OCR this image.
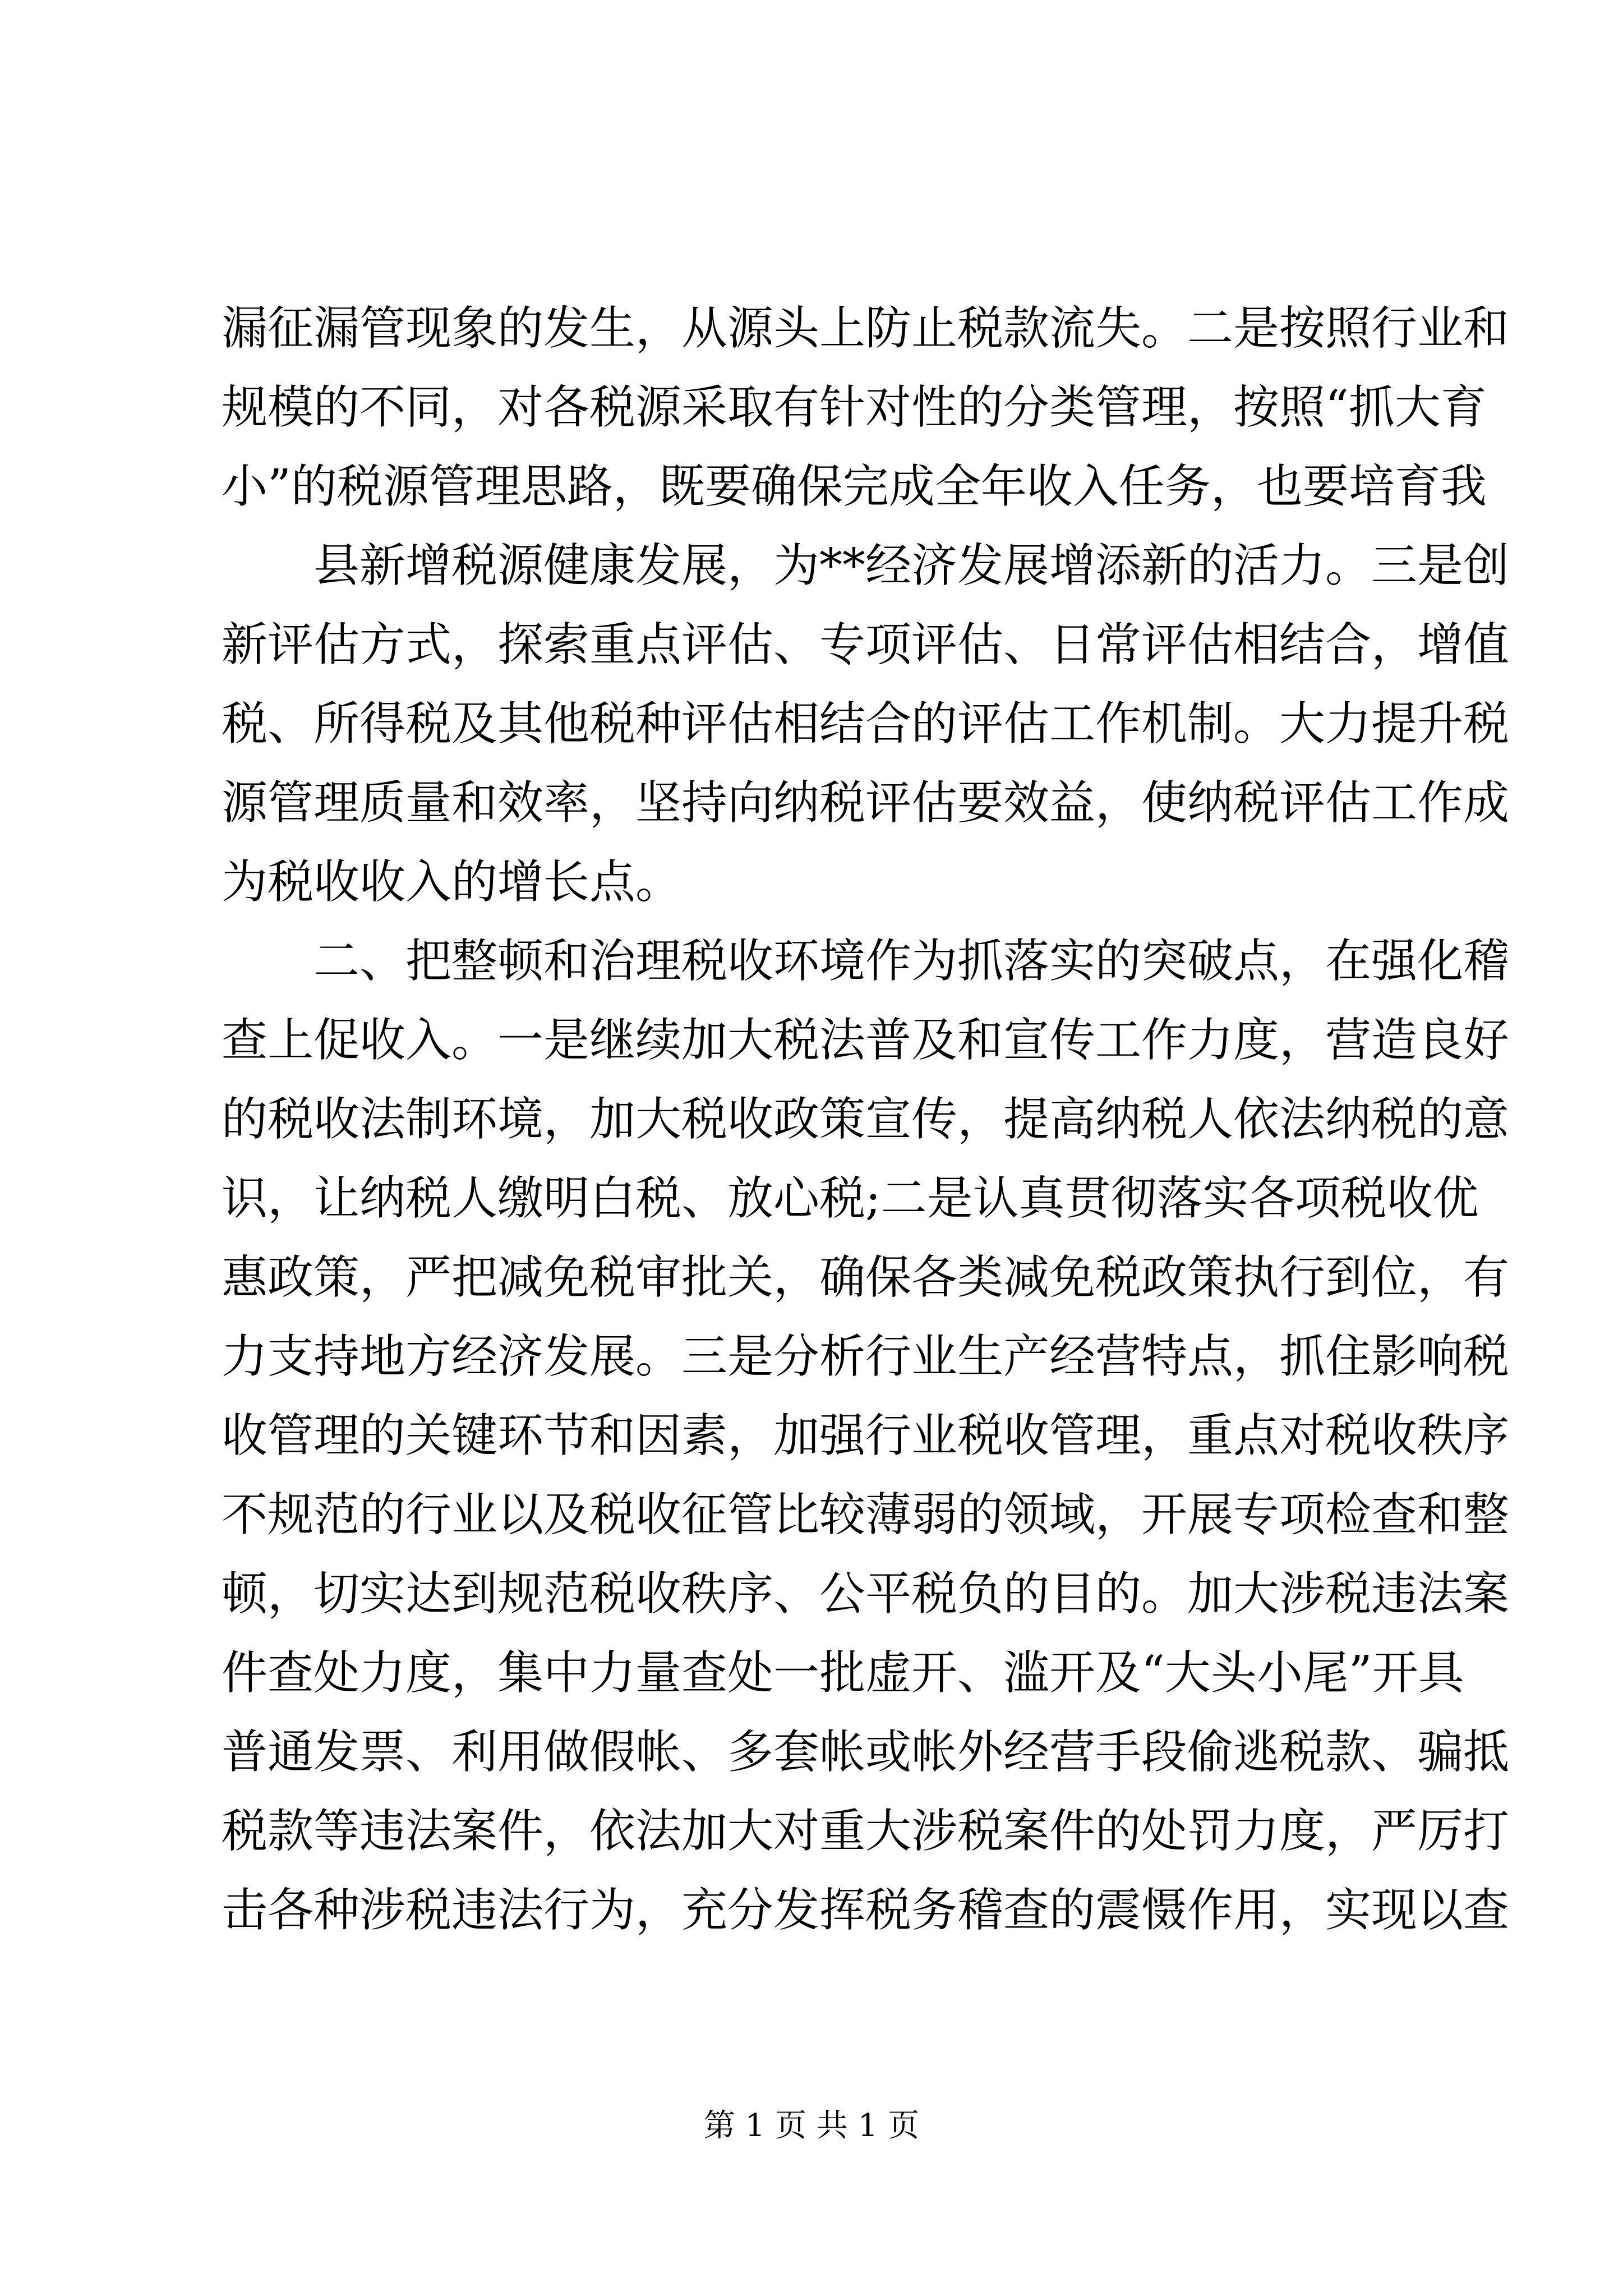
漏征漏管现象的发生，从源头上防止税款流失。二是按照行业和
规模的不同，对各税源采取有针对性的分类管理，按照“抓大育
小”的税源管理思路，既要确保完成全年收入任务，也要培育我
县新增税源健康发展，为**经济发展增添新的活力。三是创
新评估方式，探索重点评估、专项评估、日常评估相结合，增值
税、所得税及其他税种评估相结合的评估工作机制。大力提升税
源管理质量和效率，坚持向纳税评估要效益，使纳税评估工作成
为税收收入的增长点。
二、把整顿和治理税收环境作为抓落实的突破点，在强化稽
查上促收入。一是继续加大税法普及和宣传工作力度，营造良好
的税收法制环境，加大税收政策宣传，提高纳税人依法纳税的意
识，让纳税人缴明白税、放心税;二是认真贯彻落实各项税收优
惠政策，严把减免税审批关，确保各类减免税政策执行到位，有
力支持地方经济发展。三是分析行业生产经营特点，抓住影响税
收管理的关键环节和因素，加强行业税收管理，重点对税收秩序
不规范的行业以及税收征管比较薄弱的领域，开展专项检查和整
顿，切实达到规范税收秩序、公平税负的目的。加大涉税违法案
件查处力度，集中力量查处一批虚开、滥开及“大头小尾”开具
普通发票、利用做假帐、多套帐或帐外经营手段偷逃税款、骗抵
税款等违法案件，依法加大对重大涉税案件的处罚力度，严厉打
击各种涉税违法行为，充分发挥税务稽查的震慑作用，实现以查
第 1 页 共 1 页
